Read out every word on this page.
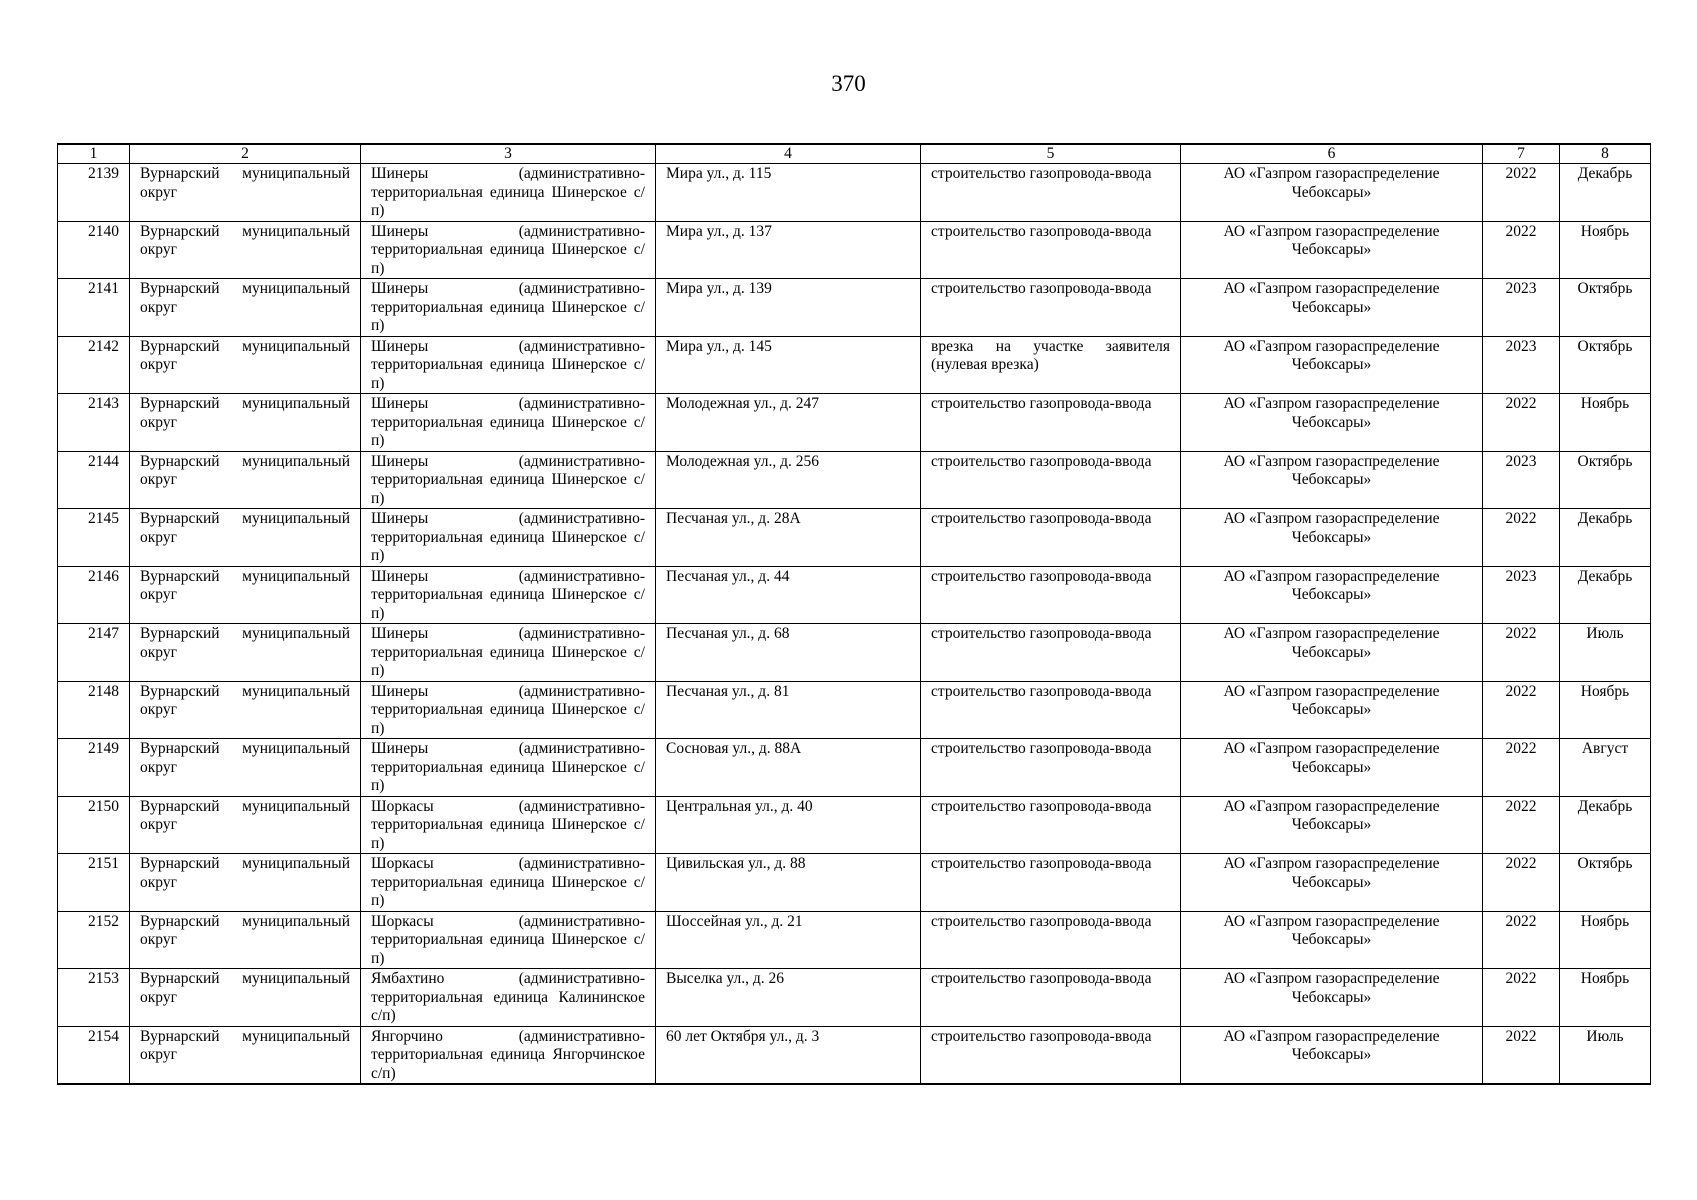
370
1	2	3	4	5	6	7	8
2139	Вурнарский муниципальный округ	Шинеры (административно-территориальная единица Шинерское с/п)	Мира ул., д. 115	строительство газопровода-ввода	АО «Газпром газораспределение Чебоксары»	2022	Декабрь
2140	Вурнарский муниципальный округ	Шинеры (административно-территориальная единица Шинерское с/п)	Мира ул., д. 137	строительство газопровода-ввода	АО «Газпром газораспределение Чебоксары»	2022	Ноябрь
2141	Вурнарский муниципальный округ	Шинеры (административно-территориальная единица Шинерское с/п)	Мира ул., д. 139	строительство газопровода-ввода	АО «Газпром газораспределение Чебоксары»	2023	Октябрь
2142	Вурнарский муниципальный округ	Шинеры (административно-территориальная единица Шинерское с/п)	Мира ул., д. 145	врезка на участке заявителя (нулевая врезка)	АО «Газпром газораспределение Чебоксары»	2023	Октябрь
2143	Вурнарский муниципальный округ	Шинеры (административно-территориальная единица Шинерское с/п)	Молодежная ул., д. 247	строительство газопровода-ввода	АО «Газпром газораспределение Чебоксары»	2022	Ноябрь
2144	Вурнарский муниципальный округ	Шинеры (административно-территориальная единица Шинерское с/п)	Молодежная ул., д. 256	строительство газопровода-ввода	АО «Газпром газораспределение Чебоксары»	2023	Октябрь
2145	Вурнарский муниципальный округ	Шинеры (административно-территориальная единица Шинерское с/п)	Песчаная ул., д. 28А	строительство газопровода-ввода	АО «Газпром газораспределение Чебоксары»	2022	Декабрь
2146	Вурнарский муниципальный округ	Шинеры (административно-территориальная единица Шинерское с/п)	Песчаная ул., д. 44	строительство газопровода-ввода	АО «Газпром газораспределение Чебоксары»	2023	Декабрь
2147	Вурнарский муниципальный округ	Шинеры (административно-территориальная единица Шинерское с/п)	Песчаная ул., д. 68	строительство газопровода-ввода	АО «Газпром газораспределение Чебоксары»	2022	Июль
2148	Вурнарский муниципальный округ	Шинеры (административно-территориальная единица Шинерское с/п)	Песчаная ул., д. 81	строительство газопровода-ввода	АО «Газпром газораспределение Чебоксары»	2022	Ноябрь
2149	Вурнарский муниципальный округ	Шинеры (административно-территориальная единица Шинерское с/п)	Сосновая ул., д. 88А	строительство газопровода-ввода	АО «Газпром газораспределение Чебоксары»	2022	Август
2150	Вурнарский муниципальный округ	Шоркасы (административно-территориальная единица Шинерское с/п)	Центральная ул., д. 40	строительство газопровода-ввода	АО «Газпром газораспределение Чебоксары»	2022	Декабрь
2151	Вурнарский муниципальный округ	Шоркасы (административно-территориальная единица Шинерское с/п)	Цивильская ул., д. 88	строительство газопровода-ввода	АО «Газпром газораспределение Чебоксары»	2022	Октябрь
2152	Вурнарский муниципальный округ	Шоркасы (административно-территориальная единица Шинерское с/п)	Шоссейная ул., д. 21	строительство газопровода-ввода	АО «Газпром газораспределение Чебоксары»	2022	Ноябрь
2153	Вурнарский муниципальный округ	Ямбахтино (административно-территориальная единица Калининское с/п)	Выселка ул., д. 26	строительство газопровода-ввода	АО «Газпром газораспределение Чебоксары»	2022	Ноябрь
2154	Вурнарский муниципальный округ	Янгорчино (административно-территориальная единица Янгорчинское с/п)	60 лет Октября ул., д. 3	строительство газопровода-ввода	АО «Газпром газораспределение Чебоксары»	2022	Июль
